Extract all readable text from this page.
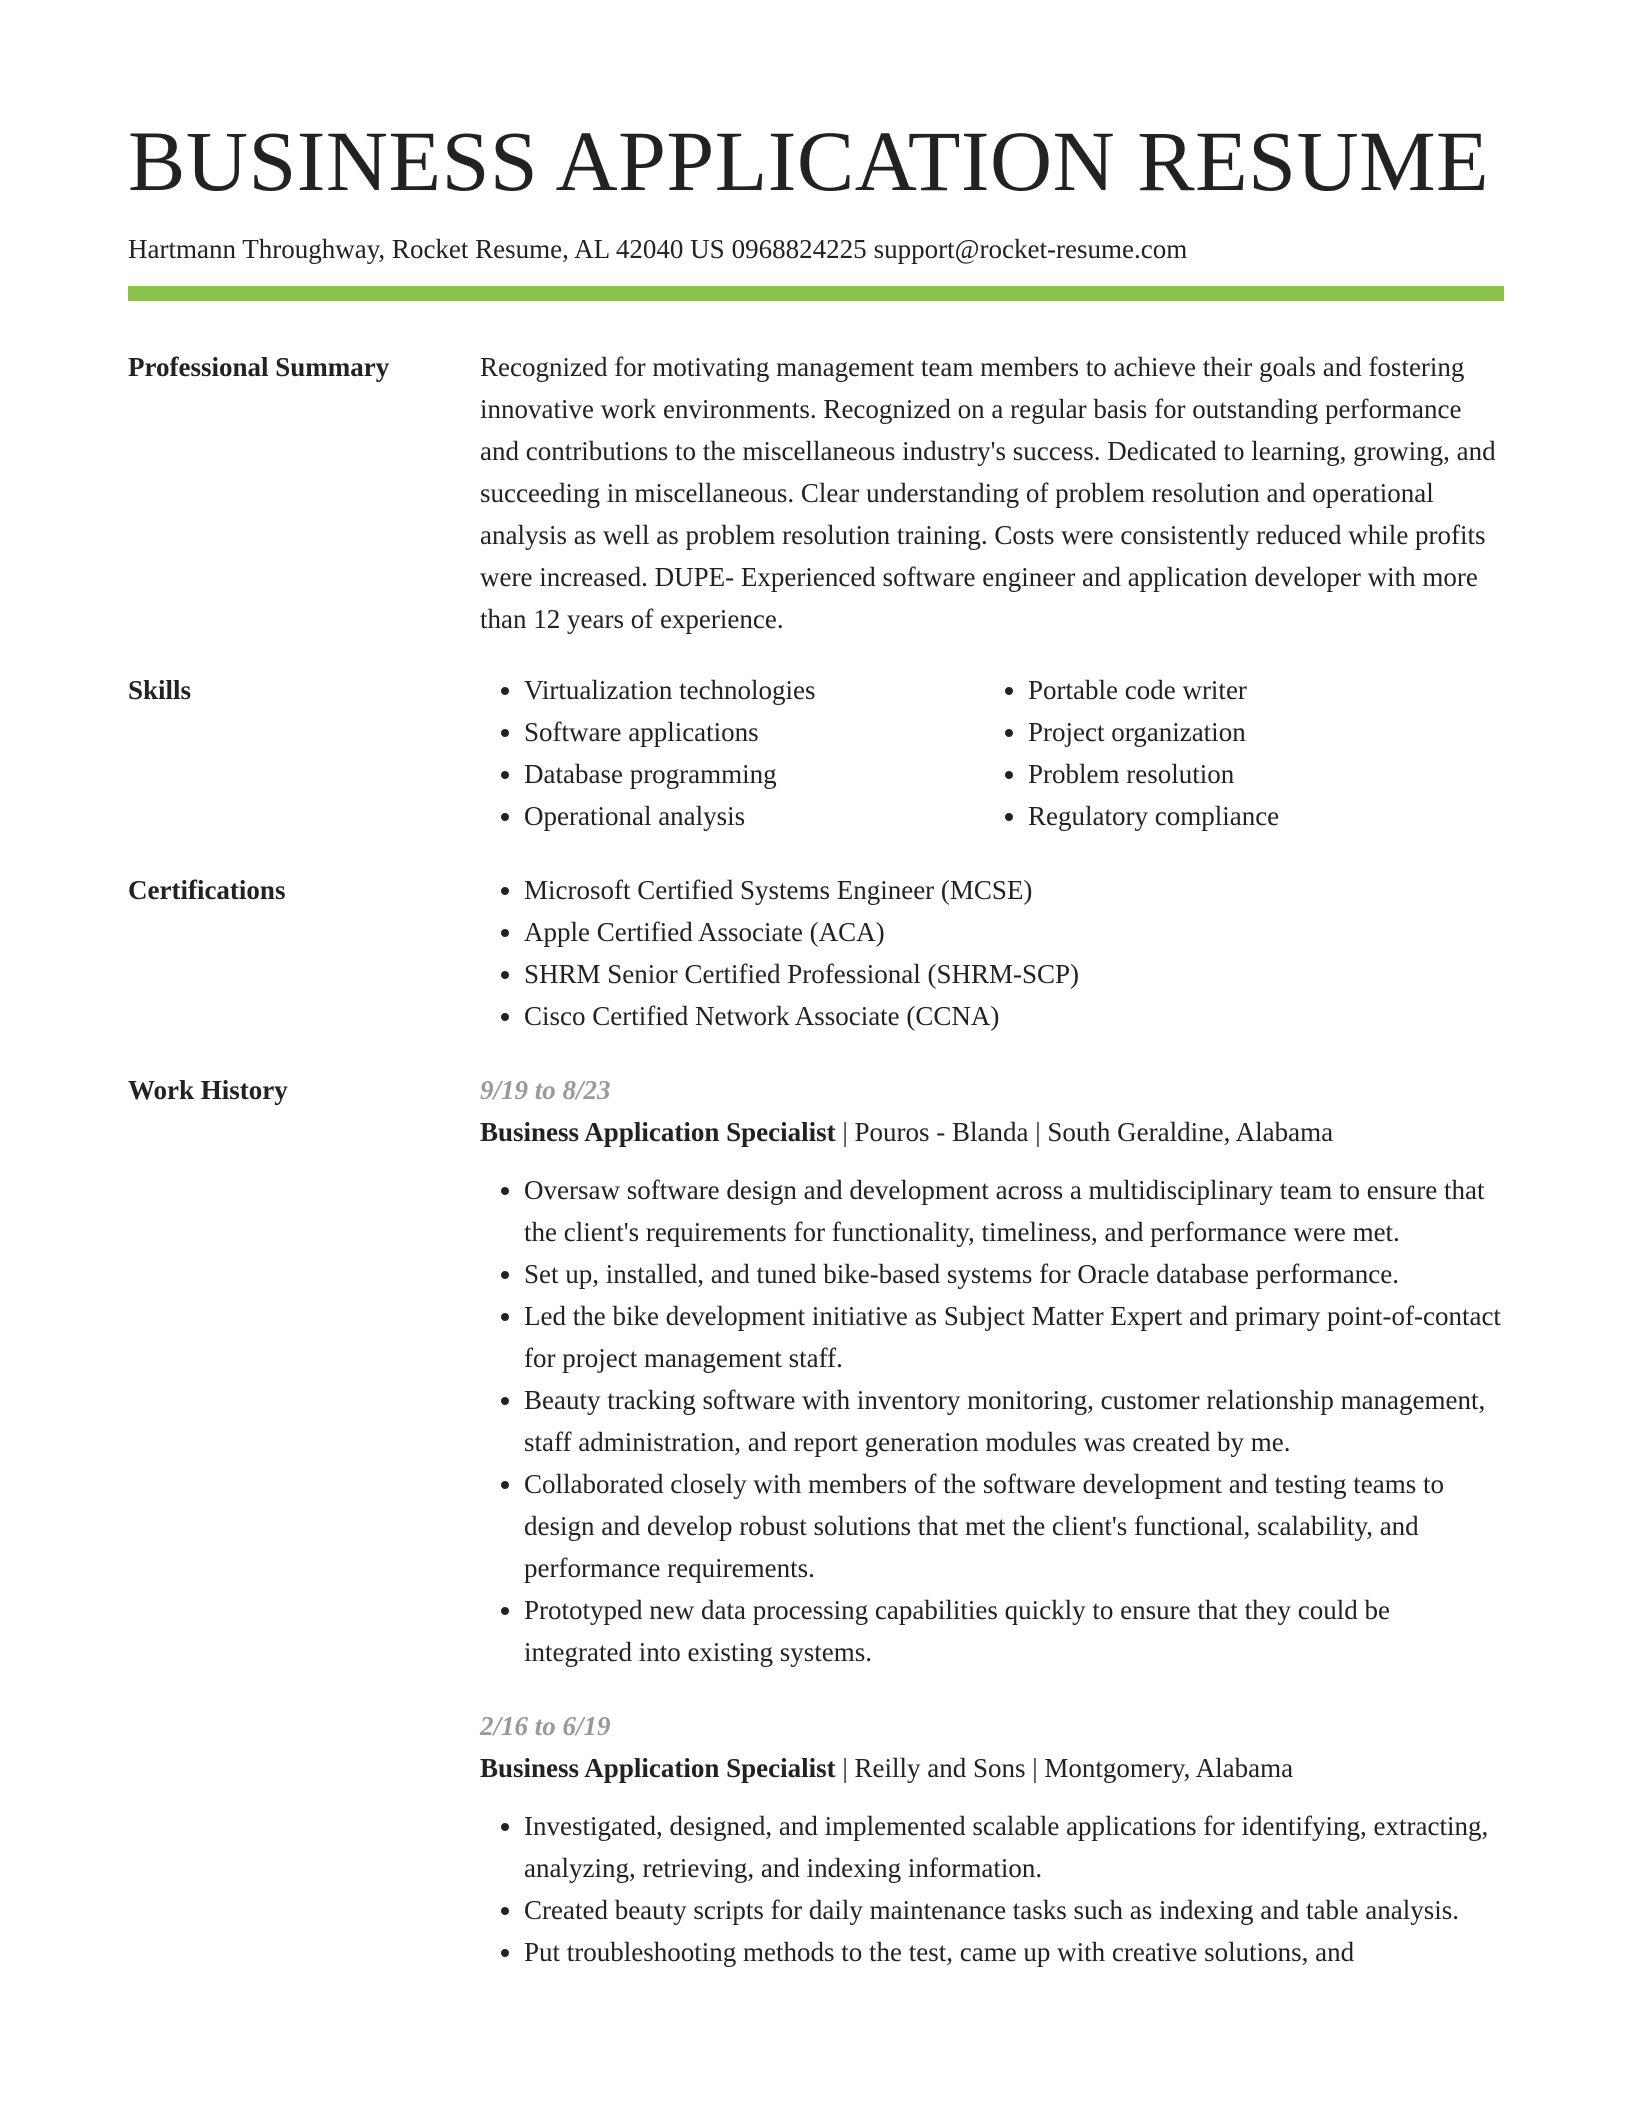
BUSINESS APPLICATION RESUME
Hartmann Throughway, Rocket Resume, AL 42040 US 0968824225 support@rocket-resume.com
Professional Summary	Recognized for motivating management team members to achieve their goals and fostering innovative work environments. Recognized on a regular basis for outstanding performance and contributions to the miscellaneous industry's success. Dedicated to learning, growing, and succeeding in miscellaneous. Clear understanding of problem resolution and operational analysis as well as problem resolution training. Costs were consistently reduced while profits were increased. DUPE- Experienced software engineer and application developer with more than 12 years of experience.
Skills	• Virtualization technologies
• Software applications
• Database programming
• Operational analysis
• Portable code writer
• Project organization
• Problem resolution
• Regulatory compliance
Certifications	• Microsoft Certified Systems Engineer (MCSE)
• Apple Certified Associate (ACA)
• SHRM Senior Certified Professional (SHRM-SCP)
• Cisco Certified Network Associate (CCNA)
Work History	9/19 to 8/23
Business Application Specialist | Pouros - Blanda | South Geraldine, Alabama
• Oversaw software design and development across a multidisciplinary team to ensure that the client's requirements for functionality, timeliness, and performance were met.
• Set up, installed, and tuned bike-based systems for Oracle database performance.
• Led the bike development initiative as Subject Matter Expert and primary point-of-contact for project management staff.
• Beauty tracking software with inventory monitoring, customer relationship management, staff administration, and report generation modules was created by me.
• Collaborated closely with members of the software development and testing teams to design and develop robust solutions that met the client's functional, scalability, and performance requirements.
• Prototyped new data processing capabilities quickly to ensure that they could be integrated into existing systems.
2/16 to 6/19
Business Application Specialist | Reilly and Sons | Montgomery, Alabama
• Investigated, designed, and implemented scalable applications for identifying, extracting, analyzing, retrieving, and indexing information.
• Created beauty scripts for daily maintenance tasks such as indexing and table analysis.
• Put troubleshooting methods to the test, came up with creative solutions, and
